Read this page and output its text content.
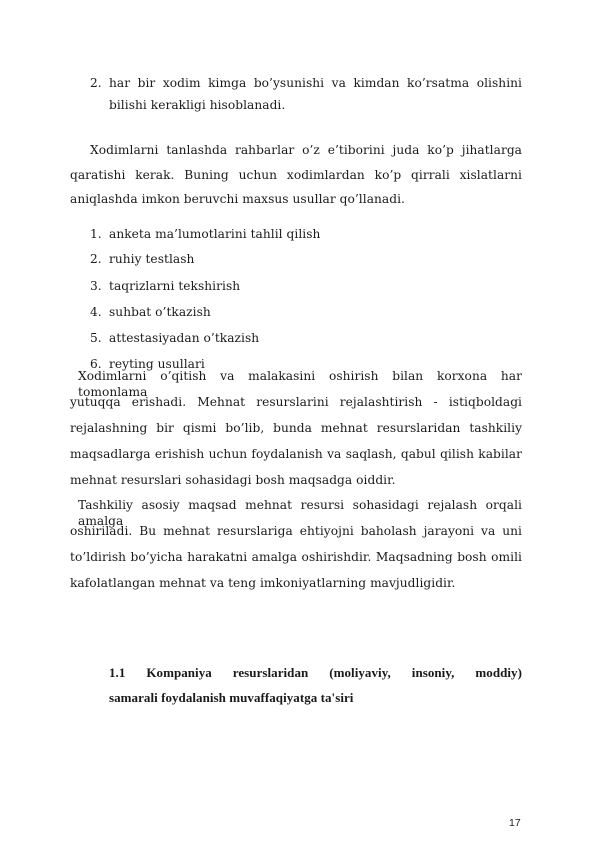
2. har bir xodim kimga bo’ysunishi va kimdan ko’rsatma olishini
bilishi kerakligi hisoblanadi.
Xodimlarni tanlashda rahbarlar o’z e’tiborini juda ko’p jihatlarga
qaratishi kerak. Buning uchun xodimlardan ko’p qirrali xislatlarni
aniqlashda imkon beruvchi maxsus usullar qo’llanadi.
1. anketa ma’lumotlarini tahlil qilish
2. ruhiy testlash
3. taqrizlarni tekshirish
4. suhbat o’tkazish
5. attestasiyadan o’tkazish
6. reyting usullari
Xodimlarni o’qitish va malakasini oshirish bilan korxona har tomonlama
yutuqqa erishadi. Mehnat resurslarini rejalashtirish - istiqboldagi
rejalashning bir qismi bo’lib, bunda mehnat resurslaridan tashkiliy
maqsadlarga erishish uchun foydalanish va saqlash, qabul qilish kabilar
mehnat resurslari sohasidagi bosh maqsadga oiddir.
Tashkiliy asosiy maqsad mehnat resursi sohasidagi rejalash orqali amalga
oshiriladi. Bu mehnat resurslariga ehtiyojni baholash jarayoni va uni
to’ldirish bo’yicha harakatni amalga oshirishdir. Maqsadning bosh omili
kafolatlangan mehnat va teng imkoniyatlarning mavjudligidir.
1.1 Kompaniya resurslaridan (moliyaviy, insoniy, moddiy)
samarali foydalanish muvaffaqiyatga ta'siri
17
